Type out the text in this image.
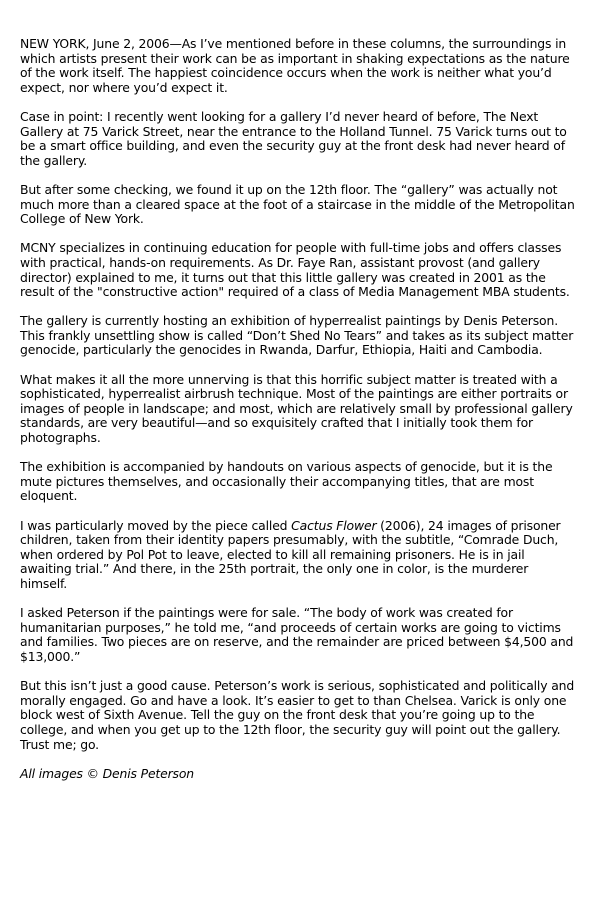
NEW YORK, June 2, 2006—As I’ve mentioned before in these columns, the surroundings in which artists present their work can be as important in shaking expectations as the nature of the work itself. The happiest coincidence occurs when the work is neither what you’d expect, nor where you’d expect it.

Case in point: I recently went looking for a gallery I’d never heard of before, The Next Gallery at 75 Varick Street, near the entrance to the Holland Tunnel. 75 Varick turns out to be a smart office building, and even the security guy at the front desk had never heard of the gallery.

But after some checking, we found it up on the 12th floor. The “gallery” was actually not much more than a cleared space at the foot of a staircase in the middle of the Metropolitan College of New York.

MCNY specializes in continuing education for people with full-time jobs and offers classes with practical, hands-on requirements. As Dr. Faye Ran, assistant provost (and gallery director) explained to me, it turns out that this little gallery was created in 2001 as the result of the "constructive action" required of a class of Media Management MBA students.

The gallery is currently hosting an exhibition of hyperrealist paintings by Denis Peterson. This frankly unsettling show is called “Don’t Shed No Tears” and takes as its subject matter genocide, particularly the genocides in Rwanda, Darfur, Ethiopia, Haiti and Cambodia.

What makes it all the more unnerving is that this horrific subject matter is treated with a sophisticated, hyperrealist airbrush technique. Most of the paintings are either portraits or images of people in landscape; and most, which are relatively small by professional gallery standards, are very beautiful—and so exquisitely crafted that I initially took them for photographs.

The exhibition is accompanied by handouts on various aspects of genocide, but it is the mute pictures themselves, and occasionally their accompanying titles, that are most eloquent.

I was particularly moved by the piece called Cactus Flower (2006), 24 images of prisoner children, taken from their identity papers presumably, with the subtitle, “Comrade Duch, when ordered by Pol Pot to leave, elected to kill all remaining prisoners. He is in jail awaiting trial.” And there, in the 25th portrait, the only one in color, is the murderer himself.

I asked Peterson if the paintings were for sale. “The body of work was created for humanitarian purposes,” he told me, “and proceeds of certain works are going to victims and families. Two pieces are on reserve, and the remainder are priced between $4,500 and $13,000.”

But this isn’t just a good cause. Peterson’s work is serious, sophisticated and politically and morally engaged. Go and have a look. It’s easier to get to than Chelsea. Varick is only one block west of Sixth Avenue. Tell the guy on the front desk that you’re going up to the college, and when you get up to the 12th floor, the security guy will point out the gallery. Trust me; go.

All images © Denis Peterson
